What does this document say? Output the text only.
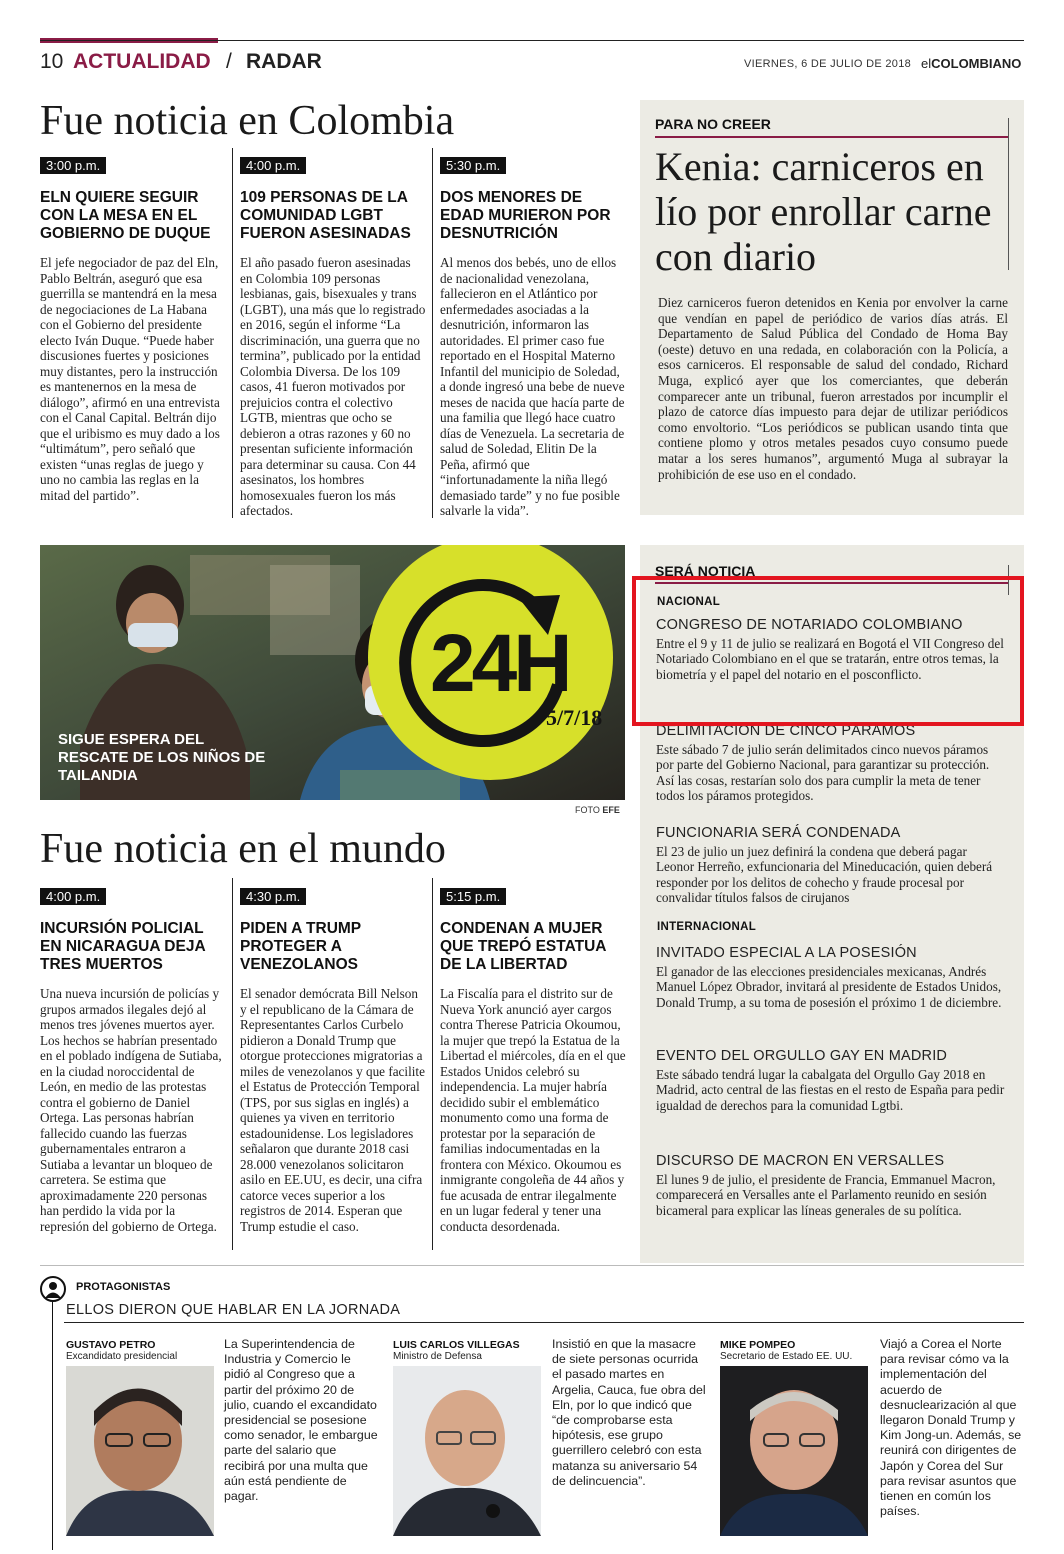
10 ACTUALIDAD / RADAR	VIERNES, 6 DE JULIO DE 2018 elCOLOMBIANO
Fue noticia en Colombia
3:00 p.m.
ELN QUIERE SEGUIR CON LA MESA EN EL GOBIERNO DE DUQUE

El jefe negociador de paz del Eln, Pablo Beltrán, aseguró que esa guerrilla se mantendrá en la mesa de negociaciones de La Habana con el Gobierno del presidente electo Iván Duque. “Puede haber discusiones fuertes y posiciones muy distantes, pero la instrucción es mantenernos en la mesa de diálogo”, afirmó en una entrevista con el Canal Capital. Beltrán dijo que el uribismo es muy dado a los “ultimátum”, pero señaló que existen “unas reglas de juego y uno no cambia las reglas en la mitad del partido”.

4:00 p.m.
109 PERSONAS DE LA COMUNIDAD LGBT FUERON ASESINADAS

El año pasado fueron asesinadas en Colombia 109 personas lesbianas, gais, bisexuales y trans (LGBT), una más que lo registrado en 2016, según el informe “La discriminación, una guerra que no termina”, publicado por la entidad Colombia Diversa. De los 109 casos, 41 fueron motivados por prejuicios contra el colectivo LGTB, mientras que ocho se debieron a otras razones y 60 no presentan suficiente información para determinar su causa. Con 44 asesinatos, los hombres homosexuales fueron los más afectados.

5:30 p.m.
DOS MENORES DE EDAD MURIERON POR DESNUTRICIÓN

Al menos dos bebés, uno de ellos de nacionalidad venezolana, fallecieron en el Atlántico por enfermedades asociadas a la desnutrición, informaron las autoridades. El primer caso fue reportado en el Hospital Materno Infantil del municipio de Soledad, a donde ingresó una bebe de nueve meses de nacida que hacía parte de una familia que llegó hace cuatro días de Venezuela. La secretaria de salud de Soledad, Elitin De la Peña, afirmó que “infortunadamente la niña llegó demasiado tarde” y no fue posible salvarle la vida”.

PARA NO CREER
Kenia: carniceros en lío por enrollar carne con diario

Diez carniceros fueron detenidos en Kenia por envolver la carne que vendían en papel de periódico de varios días atrás. El Departamento de Salud Pública del Condado de Homa Bay (oeste) detuvo en una redada, en colaboración con la Policía, a esos carniceros. El responsable de salud del condado, Richard Muga, explicó ayer que los comerciantes, que deberán comparecer ante un tribunal, fueron arrestados por incumplir el plazo de catorce días impuesto para dejar de utilizar periódicos como envoltorio. “Los periódicos se publican usando tinta que contiene plomo y otros metales pesados cuyo consumo puede matar a los seres humanos”, argumentó Muga al subrayar la prohibición de ese uso en el condado.

SIGUE ESPERA DEL RESCATE DE LOS NIÑOS DE TAILANDIA
24H
5/7/18
FOTO EFE
SERÁ NOTICIA
NACIONAL
CONGRESO DE NOTARIADO COLOMBIANO
Entre el 9 y 11 de julio se realizará en Bogotá el VII Congreso del Notariado Colombiano en el que se tratarán, entre otros temas, la biometría y el papel del notario en el posconflicto.
DELIMITACIÓN DE CINCO PÁRAMOS
Este sábado 7 de julio serán delimitados cinco nuevos páramos por parte del Gobierno Nacional, para garantizar su protección. Así las cosas, restarían solo dos para cumplir la meta de tener todos los páramos protegidos.
FUNCIONARIA SERÁ CONDENADA
El 23 de julio un juez definirá la condena que deberá pagar Leonor Herreño, exfuncionaria del Mineducación, quien deberá responder por los delitos de cohecho y fraude procesal por convalidar títulos falsos de cirujanos
INTERNACIONAL
INVITADO ESPECIAL A LA POSESIÓN
El ganador de las elecciones presidenciales mexicanas, Andrés Manuel López Obrador, invitará al presidente de Estados Unidos, Donald Trump, a su toma de posesión el próximo 1 de diciembre.
EVENTO DEL ORGULLO GAY EN MADRID
Este sábado tendrá lugar la cabalgata del Orgullo Gay 2018 en Madrid, acto central de las fiestas en el resto de España para pedir igualdad de derechos para la comunidad Lgtbi.
DISCURSO DE MACRON EN VERSALLES
El lunes 9 de julio, el presidente de Francia, Emmanuel Macron, comparecerá en Versalles ante el Parlamento reunido en sesión bicameral para explicar las líneas generales de su política.
Fue noticia en el mundo
4:00 p.m.
INCURSIÓN POLICIAL EN NICARAGUA DEJA TRES MUERTOS

Una nueva incursión de policías y grupos armados ilegales dejó al menos tres jóvenes muertos ayer. Los hechos se habrían presentado en el poblado indígena de Sutiaba, en la ciudad noroccidental de León, en medio de las protestas contra el gobierno de Daniel Ortega. Las personas habrían fallecido cuando las fuerzas gubernamentales entraron a Sutiaba a levantar un bloqueo de carretera. Se estima que aproximadamente 220 personas han perdido la vida por la represión del gobierno de Ortega.

4:30 p.m.
PIDEN A TRUMP PROTEGER A VENEZOLANOS

El senador demócrata Bill Nelson y el republicano de la Cámara de Representantes Carlos Curbelo pidieron a Donald Trump que otorgue protecciones migratorias a miles de venezolanos y que facilite el Estatus de Protección Temporal (TPS, por sus siglas en inglés) a quienes ya viven en territorio estadounidense. Los legisladores señalaron que durante 2018 casi 28.000 venezolanos solicitaron asilo en EE.UU, es decir, una cifra catorce veces superior a los registros de 2014. Esperan que Trump estudie el caso.

5:15 p.m.
CONDENAN A MUJER QUE TREPÓ ESTATUA DE LA LIBERTAD

La Fiscalía para el distrito sur de Nueva York anunció ayer cargos contra Therese Patricia Okoumou, la mujer que trepó la Estatua de la Libertad el miércoles, día en el que Estados Unidos celebró su independencia. La mujer habría decidido subir el emblemático monumento como una forma de protestar por la separación de familias indocumentadas en la frontera con México. Okoumou es inmigrante congoleña de 44 años y fue acusada de entrar ilegalmente en un lugar federal y tener una conducta desordenada.

PROTAGONISTAS
ELLOS DIERON QUE HABLAR EN LA JORNADA
GUSTAVO PETRO
Excandidato presidencial
La Superintendencia de Industria y Comercio le pidió al Congreso que a partir del próximo 20 de julio, cuando el excandidato presidencial se posesione como senador, le embargue parte del salario que recibirá por una multa que aún está pendiente de pagar.
LUIS CARLOS VILLEGAS
Ministro de Defensa
Insistió en que la masacre de siete personas ocurrida el pasado martes en Argelia, Cauca, fue obra del Eln, por lo que indicó que “de comprobarse esta hipótesis, ese grupo guerrillero celebró con esta matanza su aniversario 54 de delincuencia”.
MIKE POMPEO
Secretario de Estado EE. UU.
Viajó a Corea el Norte para revisar cómo va la implementación del acuerdo de desnuclearización al que llegaron Donald Trump y Kim Jong-un. Además, se reunirá con dirigentes de Japón y Corea del Sur para revisar asuntos que tienen en común los países.
